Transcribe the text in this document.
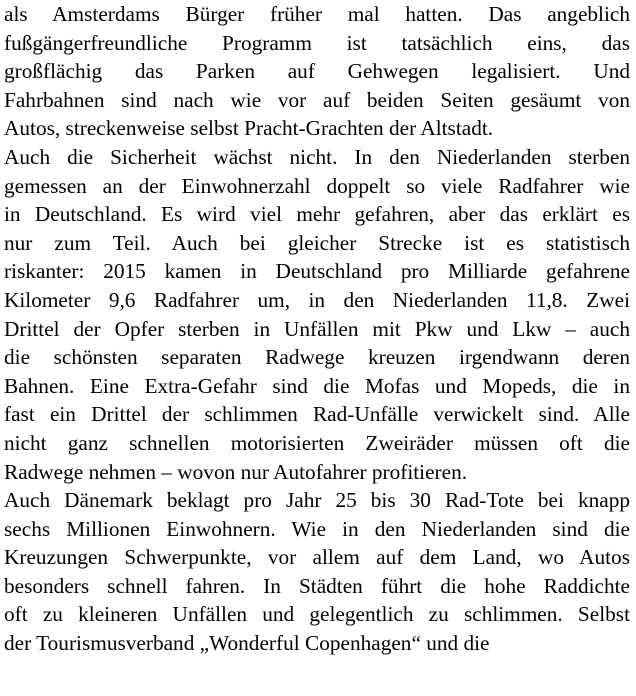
als Amsterdams Bürger früher mal hatten. Das angeblich
fußgängerfreundliche Programm ist tatsächlich eins, das
großflächig das Parken auf Gehwegen legalisiert. Und
Fahrbahnen sind nach wie vor auf beiden Seiten gesäumt von
Autos, streckenweise selbst Pracht-Grachten der Altstadt.
Auch die Sicherheit wächst nicht. In den Niederlanden sterben
gemessen an der Einwohnerzahl doppelt so viele Radfahrer wie
in Deutschland. Es wird viel mehr gefahren, aber das erklärt es
nur zum Teil. Auch bei gleicher Strecke ist es statistisch
riskanter: 2015 kamen in Deutschland pro Milliarde gefahrene
Kilometer 9,6 Radfahrer um, in den Niederlanden 11,8. Zwei
Drittel der Opfer sterben in Unfällen mit Pkw und Lkw – auch
die schönsten separaten Radwege kreuzen irgendwann deren
Bahnen. Eine Extra-Gefahr sind die Mofas und Mopeds, die in
fast ein Drittel der schlimmen Rad-Unfälle verwickelt sind. Alle
nicht ganz schnellen motorisierten Zweiräder müssen oft die
Radwege nehmen – wovon nur Autofahrer profitieren.
Auch Dänemark beklagt pro Jahr 25 bis 30 Rad-Tote bei knapp
sechs Millionen Einwohnern. Wie in den Niederlanden sind die
Kreuzungen Schwerpunkte, vor allem auf dem Land, wo Autos
besonders schnell fahren. In Städten führt die hohe Raddichte
oft zu kleineren Unfällen und gelegentlich zu schlimmen. Selbst
der Tourismusverband „Wonderful Copenhagen“ und die
